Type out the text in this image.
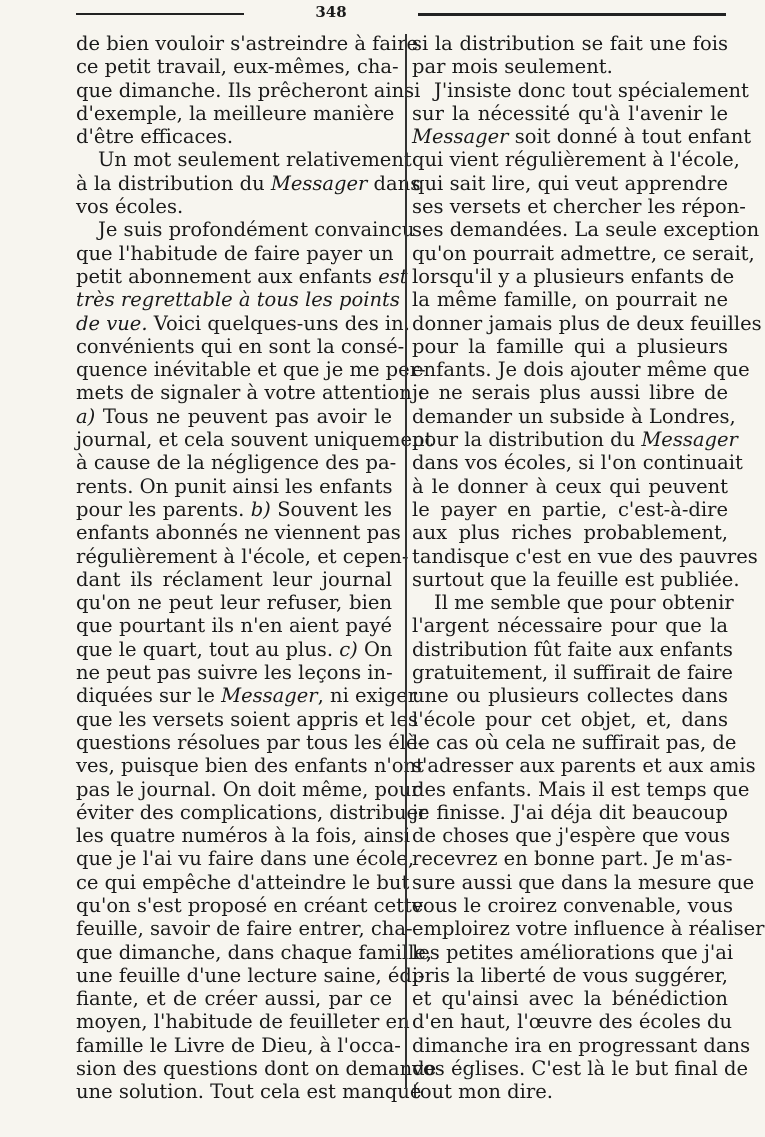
348
de bien vouloir s'astreindre à faire
ce petit travail, eux-mêmes, cha-
que dimanche. Ils prêcheront ainsi
d'exemple, la meilleure manière
d'être efficaces.
Un mot seulement relativement
à la distribution du Messager dans
vos écoles.
Je suis profondément convaincu
que l'habitude de faire payer un
petit abonnement aux enfants est
très regrettable à tous les points
de vue. Voici quelques-uns des in.
convénients qui en sont la consé-
quence inévitable et que je me per-
mets de signaler à votre attention :
a) Tous ne peuvent pas avoir le
journal, et cela souvent uniquement
à cause de la négligence des pa-
rents. On punit ainsi les enfants
pour les parents. b) Souvent les
enfants abonnés ne viennent pas
régulièrement à l'école, et cepen-
dant ils réclament leur journal
qu'on ne peut leur refuser, bien
que pourtant ils n'en aient payé
que le quart, tout au plus. c) On
ne peut pas suivre les leçons in-
diquées sur le Messager, ni exiger
que les versets soient appris et les
questions résolues par tous les élè-
ves, puisque bien des enfants n'ont
pas le journal. On doit même, pour
éviter des complications, distribuer
les quatre numéros à la fois, ainsi
que je l'ai vu faire dans une école,
ce qui empêche d'atteindre le but
qu'on s'est proposé en créant cette
feuille, savoir de faire entrer, cha-
que dimanche, dans chaque famille,
une feuille d'une lecture saine, édi-
fiante, et de créer aussi, par ce
moyen, l'habitude de feuilleter en
famille le Livre de Dieu, à l'occa-
sion des questions dont on demande
une solution. Tout cela est manqué
si la distribution se fait une fois
par mois seulement.
J'insiste donc tout spécialement
sur la nécessité qu'à l'avenir le
Messager soit donné à tout enfant
qui vient régulièrement à l'école,
qui sait lire, qui veut apprendre
ses versets et chercher les répon-
ses demandées. La seule exception
qu'on pourrait admettre, ce serait,
lorsqu'il y a plusieurs enfants de
la même famille, on pourrait ne
donner jamais plus de deux feuilles
pour la famille qui a plusieurs
enfants. Je dois ajouter même que
je ne serais plus aussi libre de
demander un subside à Londres,
pour la distribution du Messager
dans vos écoles, si l'on continuait
à le donner à ceux qui peuvent
le payer en partie, c'est-à-dire
aux plus riches probablement,
tandisque c'est en vue des pauvres
surtout que la feuille est publiée.
Il me semble que pour obtenir
l'argent nécessaire pour que la
distribution fût faite aux enfants
gratuitement, il suffirait de faire
une ou plusieurs collectes dans
l'école pour cet objet, et, dans
le cas où cela ne suffirait pas, de
s'adresser aux parents et aux amis
des enfants. Mais il est temps que
je finisse. J'ai déja dit beaucoup
de choses que j'espère que vous
recevrez en bonne part. Je m'as-
sure aussi que dans la mesure que
vous le croirez convenable, vous
emploirez votre influence à réaliser
les petites améliorations que j'ai
pris la liberté de vous suggérer,
et qu'ainsi avec la bénédiction
d'en haut, l'œuvre des écoles du
dimanche ira en progressant dans
vos églises. C'est là le but final de
tout mon dire.
